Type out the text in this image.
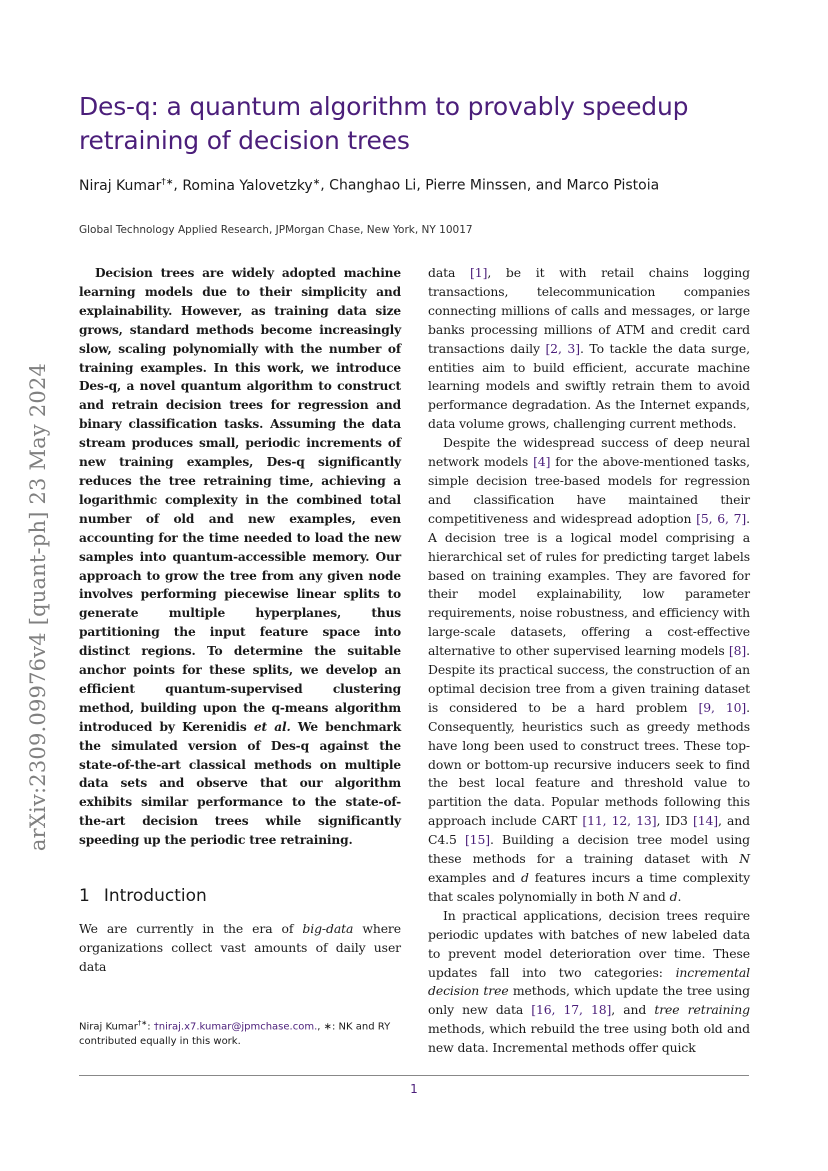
arXiv:2309.09976v4 [quant-ph] 23 May 2024
Des-q: a quantum algorithm to provably speedup retraining of decision trees
Niraj Kumar†∗, Romina Yalovetzky∗, Changhao Li, Pierre Minssen, and Marco Pistoia
Global Technology Applied Research, JPMorgan Chase, New York, NY 10017

Decision trees are widely adopted machine learning models due to their simplicity and explainability. However, as training data size grows, standard methods become increasingly slow, scaling polynomially with the number of training examples. In this work, we introduce Des-q, a novel quantum algorithm to construct and retrain decision trees for regression and binary classification tasks. Assuming the data stream produces small, periodic increments of new training examples, Des-q significantly reduces the tree retraining time, achieving a logarithmic complexity in the combined total number of old and new examples, even accounting for the time needed to load the new samples into quantum-accessible memory. Our approach to grow the tree from any given node involves performing piecewise linear splits to generate multiple hyperplanes, thus partitioning the input feature space into distinct regions. To determine the suitable anchor points for these splits, we develop an efficient quantum-supervised clustering method, building upon the q-means algorithm introduced by Kerenidis et al. We benchmark the simulated version of Des-q against the state-of-the-art classical methods on multiple data sets and observe that our algorithm exhibits similar performance to the state-of-the-art decision trees while significantly speeding up the periodic tree retraining.

1 Introduction

We are currently in the era of big-data where organizations collect vast amounts of daily user data

Niraj Kumar†∗: †niraj.x7.kumar@jpmchase.com., ∗: NK and RY contributed equally in this work.

data [1], be it with retail chains logging transactions, telecommunication companies connecting millions of calls and messages, or large banks processing millions of ATM and credit card transactions daily [2, 3]. To tackle the data surge, entities aim to build efficient, accurate machine learning models and swiftly retrain them to avoid performance degradation. As the Internet expands, data volume grows, challenging current methods.

Despite the widespread success of deep neural network models [4] for the above-mentioned tasks, simple decision tree-based models for regression and classification have maintained their competitiveness and widespread adoption [5, 6, 7]. A decision tree is a logical model comprising a hierarchical set of rules for predicting target labels based on training examples. They are favored for their model explainability, low parameter requirements, noise robustness, and efficiency with large-scale datasets, offering a cost-effective alternative to other supervised learning models [8]. Despite its practical success, the construction of an optimal decision tree from a given training dataset is considered to be a hard problem [9, 10]. Consequently, heuristics such as greedy methods have long been used to construct trees. These top-down or bottom-up recursive inducers seek to find the best local feature and threshold value to partition the data. Popular methods following this approach include CART [11, 12, 13], ID3 [14], and C4.5 [15]. Building a decision tree model using these methods for a training dataset with N examples and d features incurs a time complexity that scales polynomially in both N and d.

In practical applications, decision trees require periodic updates with batches of new labeled data to prevent model deterioration over time. These updates fall into two categories: incremental decision tree methods, which update the tree using only new data [16, 17, 18], and tree retraining methods, which rebuild the tree using both old and new data. Incremental methods offer quick

1
